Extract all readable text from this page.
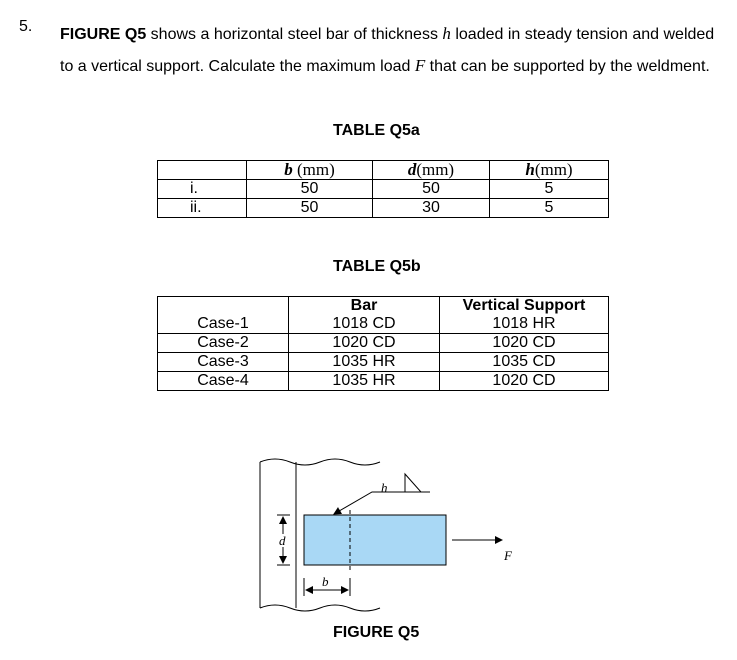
5. FIGURE Q5 shows a horizontal steel bar of thickness h loaded in steady tension and welded to a vertical support. Calculate the maximum load F that can be supported by the weldment.
TABLE Q5a
	b (mm)	d(mm)	h(mm)
i.	50	50	5
ii.	50	30	5
TABLE Q5b
	Bar	Vertical Support
Case-1	1018 CD	1018 HR
Case-2	1020 CD	1020 CD
Case-3	1035 HR	1035 CD
Case-4	1035 HR	1020 CD
h
d
b
F
FIGURE Q5
